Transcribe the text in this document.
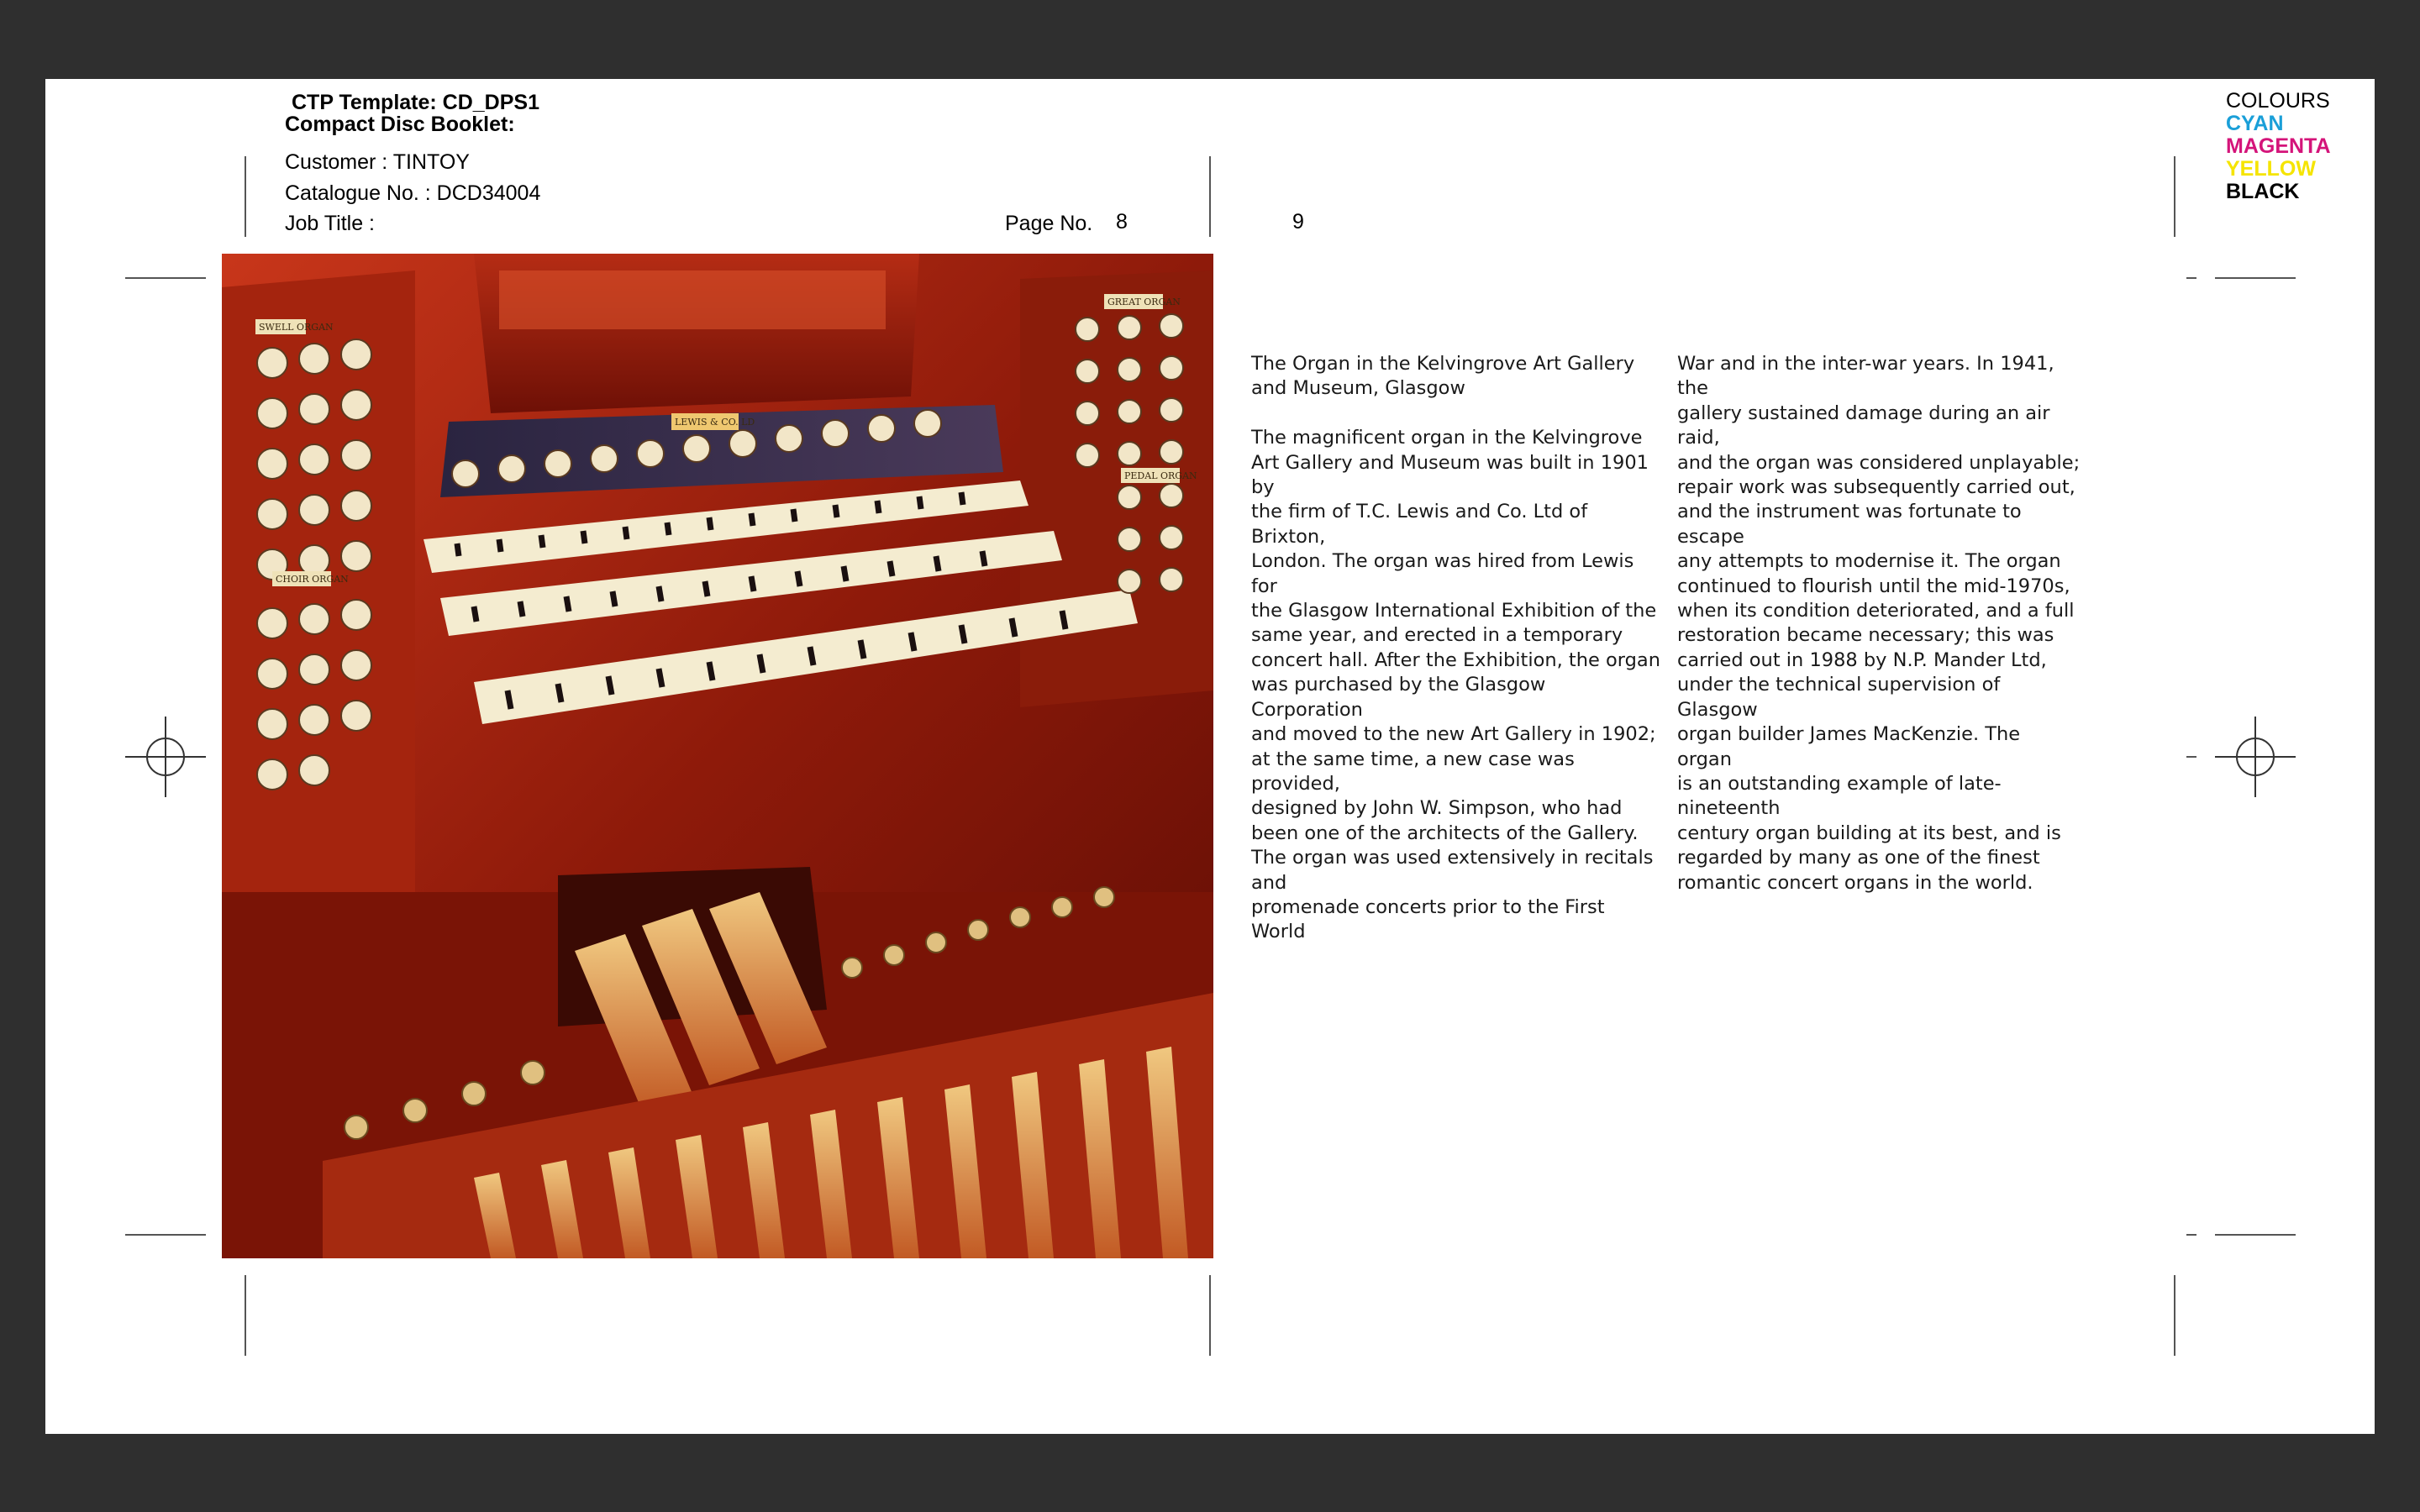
CTP Template: CD_DPS1
Compact Disc Booklet:
Customer : TINTOY
Catalogue No. : DCD34004
Job Title :	Page No. 8	9
COLOURS
CYAN
MAGENTA
YELLOW
BLACK
SWELL ORGAN
GREAT ORGAN
PEDAL ORGAN
CHOIR ORGAN
LEWIS & CO. LD
The Organ in the Kelvingrove Art Gallery
and Museum, Glasgow

The magnificent organ in the Kelvingrove
Art Gallery and Museum was built in 1901 by
the firm of T.C. Lewis and Co. Ltd of Brixton,
London. The organ was hired from Lewis for
the Glasgow International Exhibition of the
same year, and erected in a temporary
concert hall. After the Exhibition, the organ
was purchased by the Glasgow Corporation
and moved to the new Art Gallery in 1902;
at the same time, a new case was provided,
designed by John W. Simpson, who had
been one of the architects of the Gallery.
The organ was used extensively in recitals and
promenade concerts prior to the First World
War and in the inter-war years. In 1941, the
gallery sustained damage during an air raid,
and the organ was considered unplayable;
repair work was subsequently carried out,
and the instrument was fortunate to escape
any attempts to modernise it. The organ
continued to flourish until the mid-1970s,
when its condition deteriorated, and a full
restoration became necessary; this was
carried out in 1988 by N.P. Mander Ltd,
under the technical supervision of Glasgow
organ builder James MacKenzie. The organ
is an outstanding example of late-nineteenth
century organ building at its best, and is
regarded by many as one of the finest
romantic concert organs in the world.
